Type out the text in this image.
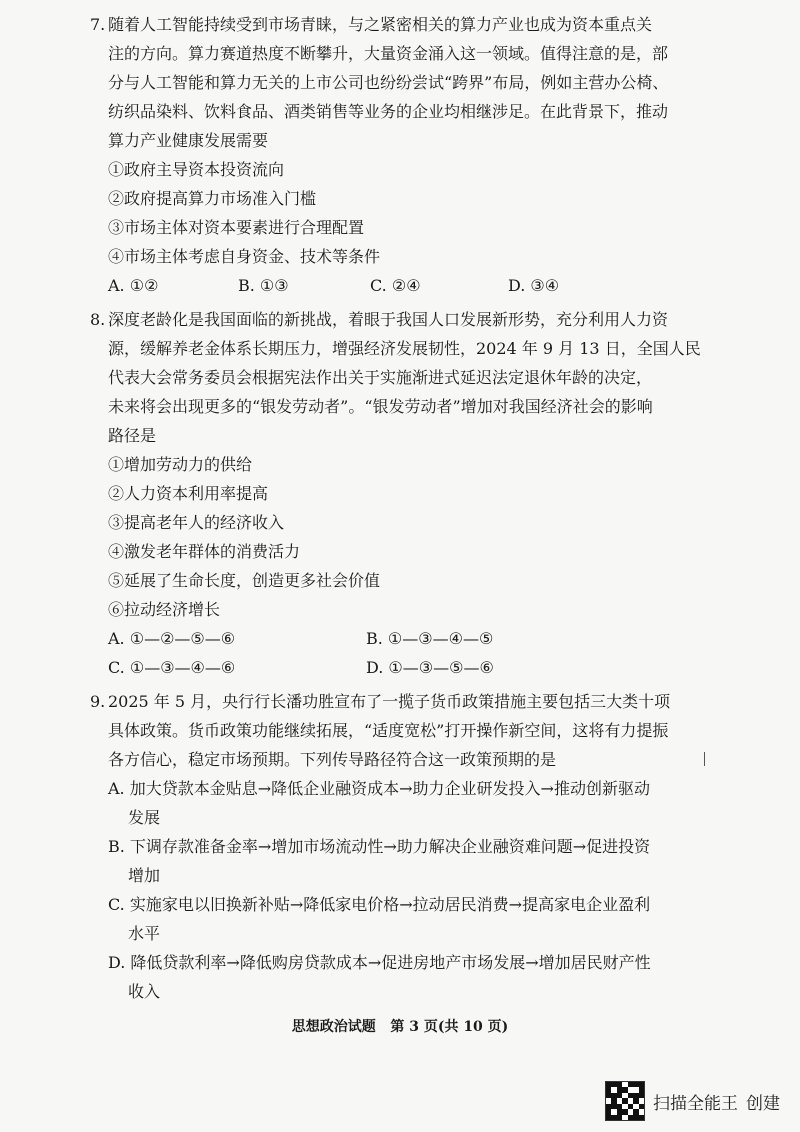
7. 随着人工智能持续受到市场青睐，与之紧密相关的算力产业也成为资本重点关
注的方向。算力赛道热度不断攀升，大量资金涌入这一领域。值得注意的是，部
分与人工智能和算力无关的上市公司也纷纷尝试“跨界”布局，例如主营办公椅、
纺织品染料、饮料食品、酒类销售等业务的企业均相继涉足。在此背景下，推动
算力产业健康发展需要
①政府主导资本投资流向
②政府提高算力市场准入门槛
③市场主体对资本要素进行合理配置
④市场主体考虑自身资金、技术等条件
A. ①②	B. ①③	C. ②④	D. ③④
8. 深度老龄化是我国面临的新挑战，着眼于我国人口发展新形势，充分利用人力资
源，缓解养老金体系长期压力，增强经济发展韧性，2024 年 9 月 13 日，全国人民
代表大会常务委员会根据宪法作出关于实施渐进式延迟法定退休年龄的决定，
未来将会出现更多的“银发劳动者”。“银发劳动者”增加对我国经济社会的影响
路径是
①增加劳动力的供给
②人力资本利用率提高
③提高老年人的经济收入
④激发老年群体的消费活力
⑤延展了生命长度，创造更多社会价值
⑥拉动经济增长
A. ①—②—⑤—⑥	B. ①—③—④—⑤
C. ①—③—④—⑥	D. ①—③—⑤—⑥
9. 2025 年 5 月，央行行长潘功胜宣布了一揽子货币政策措施主要包括三大类十项
具体政策。货币政策功能继续拓展，“适度宽松”打开操作新空间，这将有力提振
各方信心，稳定市场预期。下列传导路径符合这一政策预期的是
A. 加大贷款本金贴息→降低企业融资成本→助力企业研发投入→推动创新驱动
发展
B. 下调存款准备金率→增加市场流动性→助力解决企业融资难问题→促进投资
增加
C. 实施家电以旧换新补贴→降低家电价格→拉动居民消费→提高家电企业盈利
水平
D. 降低贷款利率→降低购房贷款成本→促进房地产市场发展→增加居民财产性
收入
思想政治试题 第 3 页(共 10 页)
扫描全能王 创建
